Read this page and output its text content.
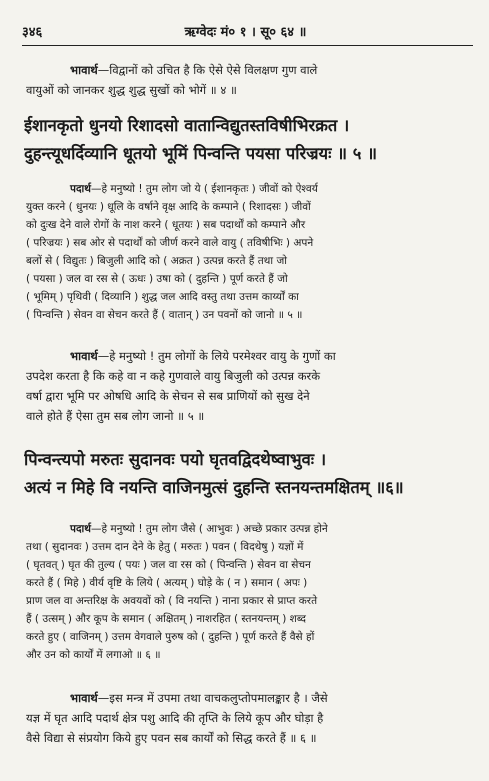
३४६	ऋग्वेदः मं० १ । सू० ६४ ॥
भावार्थ—विद्वानों को उचित है कि ऐसे ऐसे विलक्षण गुण वाले
वायुओं को जानकर शुद्ध शुद्ध सुखों को भोगें ॥ ४ ॥
ईशानकृतो धुनयो रिशादसो वातान्विद्युतस्तविषीभिरक्रत ।
दुहन्त्यूधर्दिव्यानि धूतयो भूमिं पिन्वन्ति पयसा परिज्रयः ॥ ५ ॥
पदार्थ—हे मनुष्यो ! तुम लोग जो ये ( ईशानकृतः ) जीवों को ऐश्वर्य
युक्त करने ( धुनयः ) धूलि के वर्षाने वृक्ष आदि के कम्पाने ( रिशादसः ) जीवों
को दुःख देने वाले रोगों के नाश करने ( धूतयः ) सब पदार्थों को कम्पाने और
( परिज्रयः ) सब ओर से पदार्थों को जीर्ण करने वाले वायु ( तविषीभिः ) अपने
बलों से ( विद्युतः ) बिजुली आदि को ( अक्रत ) उत्पन्न करते हैं तथा जो
( पयसा ) जल वा रस से ( ऊधः ) उषा को ( दुहन्ति ) पूर्ण करते हैं जो
( भूमिम् ) पृथिवी ( दिव्यानि ) शुद्ध जल आदि वस्तु तथा उत्तम कार्य्यों का
( पिन्वन्ति ) सेवन वा सेचन करते हैं ( वातान् ) उन पवनों को जानो ॥ ५ ॥
भावार्थ—हे मनुष्यो ! तुम लोगों के लिये परमेश्वर वायु के गुणों का
उपदेश करता है कि कहे वा न कहे गुणवाले वायु बिजुली को उत्पन्न करके
वर्षा द्वारा भूमि पर ओषधि आदि के सेचन से सब प्राणियों को सुख देने
वाले होते हैं ऐसा तुम सब लोग जानो ॥ ५ ॥
पिन्वन्त्यपो मरुतः सुदानवः पयो घृतवद्विदथेष्वाभुवः ।
अत्यं न मिहे वि नयन्ति वाजिनमुत्सं दुहन्ति स्तनयन्तमक्षितम् ॥६॥
पदार्थ—हे मनुष्यो ! तुम लोग जैसे ( आभुवः ) अच्छे प्रकार उत्पन्न होने
तथा ( सुदानवः ) उत्तम दान देने के हेतु ( मरुतः ) पवन ( विदथेषु ) यज्ञों में
( घृतवत् ) घृत की तुल्य ( पयः ) जल वा रस को ( पिन्वन्ति ) सेवन वा सेचन
करते हैं ( मिहे ) वीर्य वृष्टि के लिये ( अत्यम् ) घोड़े के ( न ) समान ( अपः )
प्राण जल वा अन्तरिक्ष के अवयवों को ( वि नयन्ति ) नाना प्रकार से प्राप्त करते
हैं ( उत्सम् ) और कूप के समान ( अक्षितम् ) नाशरहित ( स्तनयन्तम् ) शब्द
करते हुए ( वाजिनम् ) उत्तम वेगवाले पुरुष को ( दुहन्ति ) पूर्ण करते हैं वैसे हों
और उन को कार्यों में लगाओ ॥ ६ ॥
भावार्थ—इस मन्त्र में उपमा तथा वाचकलुप्तोपमालङ्कार है । जैसे
यज्ञ में घृत आदि पदार्थ क्षेत्र पशु आदि की तृप्ति के लिये कूप और घोड़ा है
वैसे विद्या से संप्रयोग किये हुए पवन सब कार्यों को सिद्ध करते हैं ॥ ६ ॥
